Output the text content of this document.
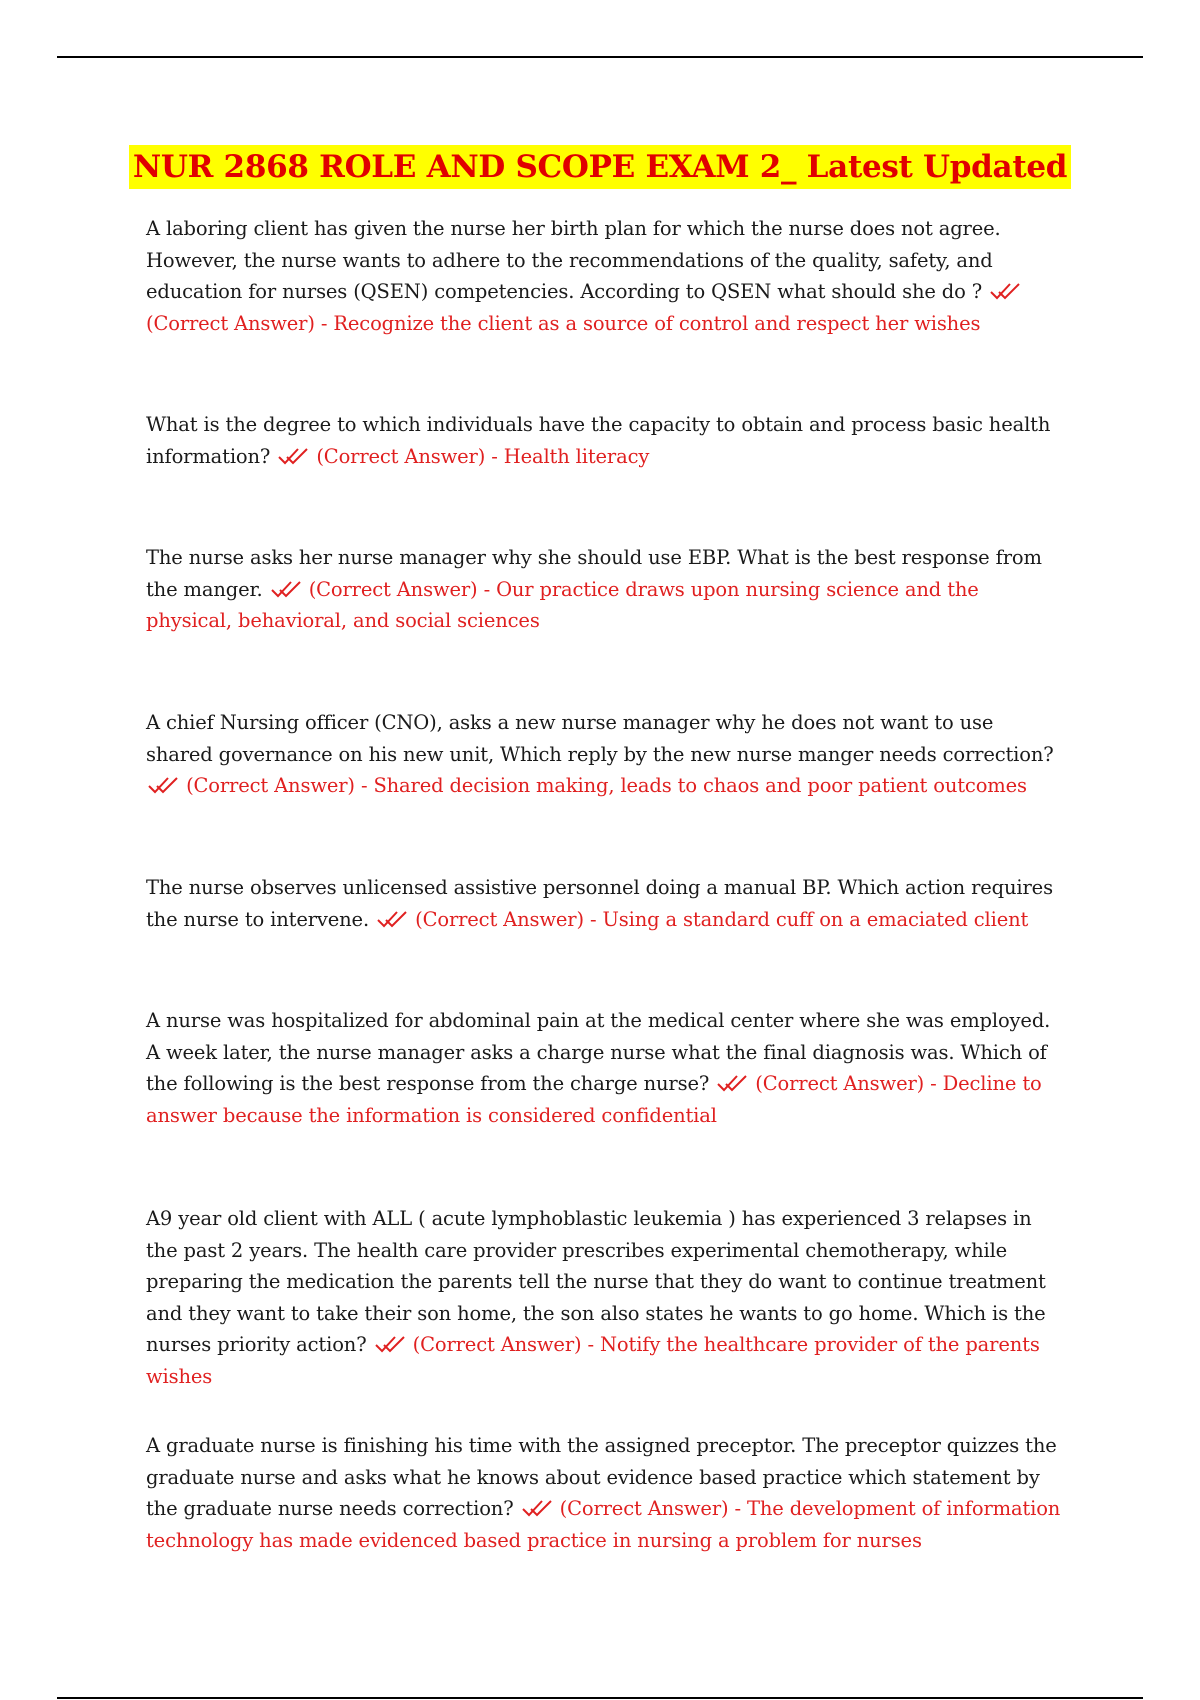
NUR 2868 ROLE AND SCOPE EXAM 2_ Latest Updated
A laboring client has given the nurse her birth plan for which the nurse does not agree. However, the nurse wants to adhere to the recommendations of the quality, safety, and education for nurses (QSEN) competencies. According to QSEN what should she do ?  (Correct Answer) - Recognize the client as a source of control and respect her wishes
What is the degree to which individuals have the capacity to obtain and process basic health information? (Correct Answer) - Health literacy
The nurse asks her nurse manager why she should use EBP. What is the best response from the manger. (Correct Answer) - Our practice draws upon nursing science and the physical, behavioral, and social sciences
A chief Nursing officer (CNO), asks a new nurse manager why he does not want to use shared governance on his new unit, Which reply by the new nurse manger needs correction?  (Correct Answer) - Shared decision making, leads to chaos and poor patient outcomes
The nurse observes unlicensed assistive personnel doing a manual BP. Which action requires the nurse to intervene. (Correct Answer) - Using a standard cuff on a emaciated client
A nurse was hospitalized for abdominal pain at the medical center where she was employed. A week later, the nurse manager asks a charge nurse what the final diagnosis was. Which of the following is the best response from the charge nurse? (Correct Answer) - Decline to answer because the information is considered confidential
A9 year old client with ALL ( acute lymphoblastic leukemia ) has experienced 3 relapses in the past 2 years. The health care provider prescribes experimental chemotherapy, while preparing the medication the parents tell the nurse that they do want to continue treatment and they want to take their son home, the son also states he wants to go home. Which is the nurses priority action? (Correct Answer) - Notify the healthcare provider of the parents wishes
A graduate nurse is finishing his time with the assigned preceptor. The preceptor quizzes the graduate nurse and asks what he knows about evidence based practice which statement by the graduate nurse needs correction? (Correct Answer) - The development of information technology has made evidenced based practice in nursing a problem for nurses
